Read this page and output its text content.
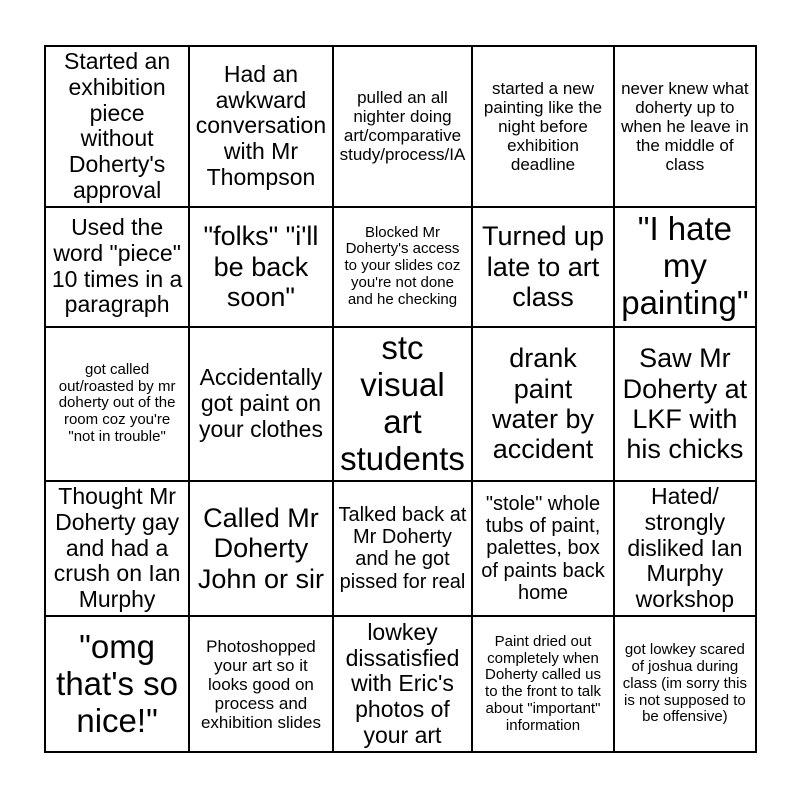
Started an exhibition piece without Doherty's approval	Had an awkward conversation with Mr Thompson	pulled an all nighter doing art/comparative study/process/IA	started a new painting like the night before exhibition deadline	never knew what doherty up to when he leave in the middle of class
Used the word "piece" 10 times in a paragraph	"folks" "i'll be back soon"	Blocked Mr Doherty's access to your slides coz you're not done and he checking	Turned up late to art class	"I hate my painting"
got called out/roasted by mr doherty out of the room coz you're "not in trouble"	Accidentally got paint on your clothes	stc visual art students	drank paint water by accident	Saw Mr Doherty at LKF with his chicks
Thought Mr Doherty gay and had a crush on Ian Murphy	Called Mr Doherty John or sir	Talked back at Mr Doherty and he got pissed for real	"stole" whole tubs of paint, palettes, box of paints back home	Hated/ strongly disliked Ian Murphy workshop
"omg that's so nice!"	Photoshopped your art so it looks good on process and exhibition slides	lowkey dissatisfied with Eric's photos of your art	Paint dried out completely when Doherty called us to the front to talk about "important" information	got lowkey scared of joshua during class (im sorry this is not supposed to be offensive)
